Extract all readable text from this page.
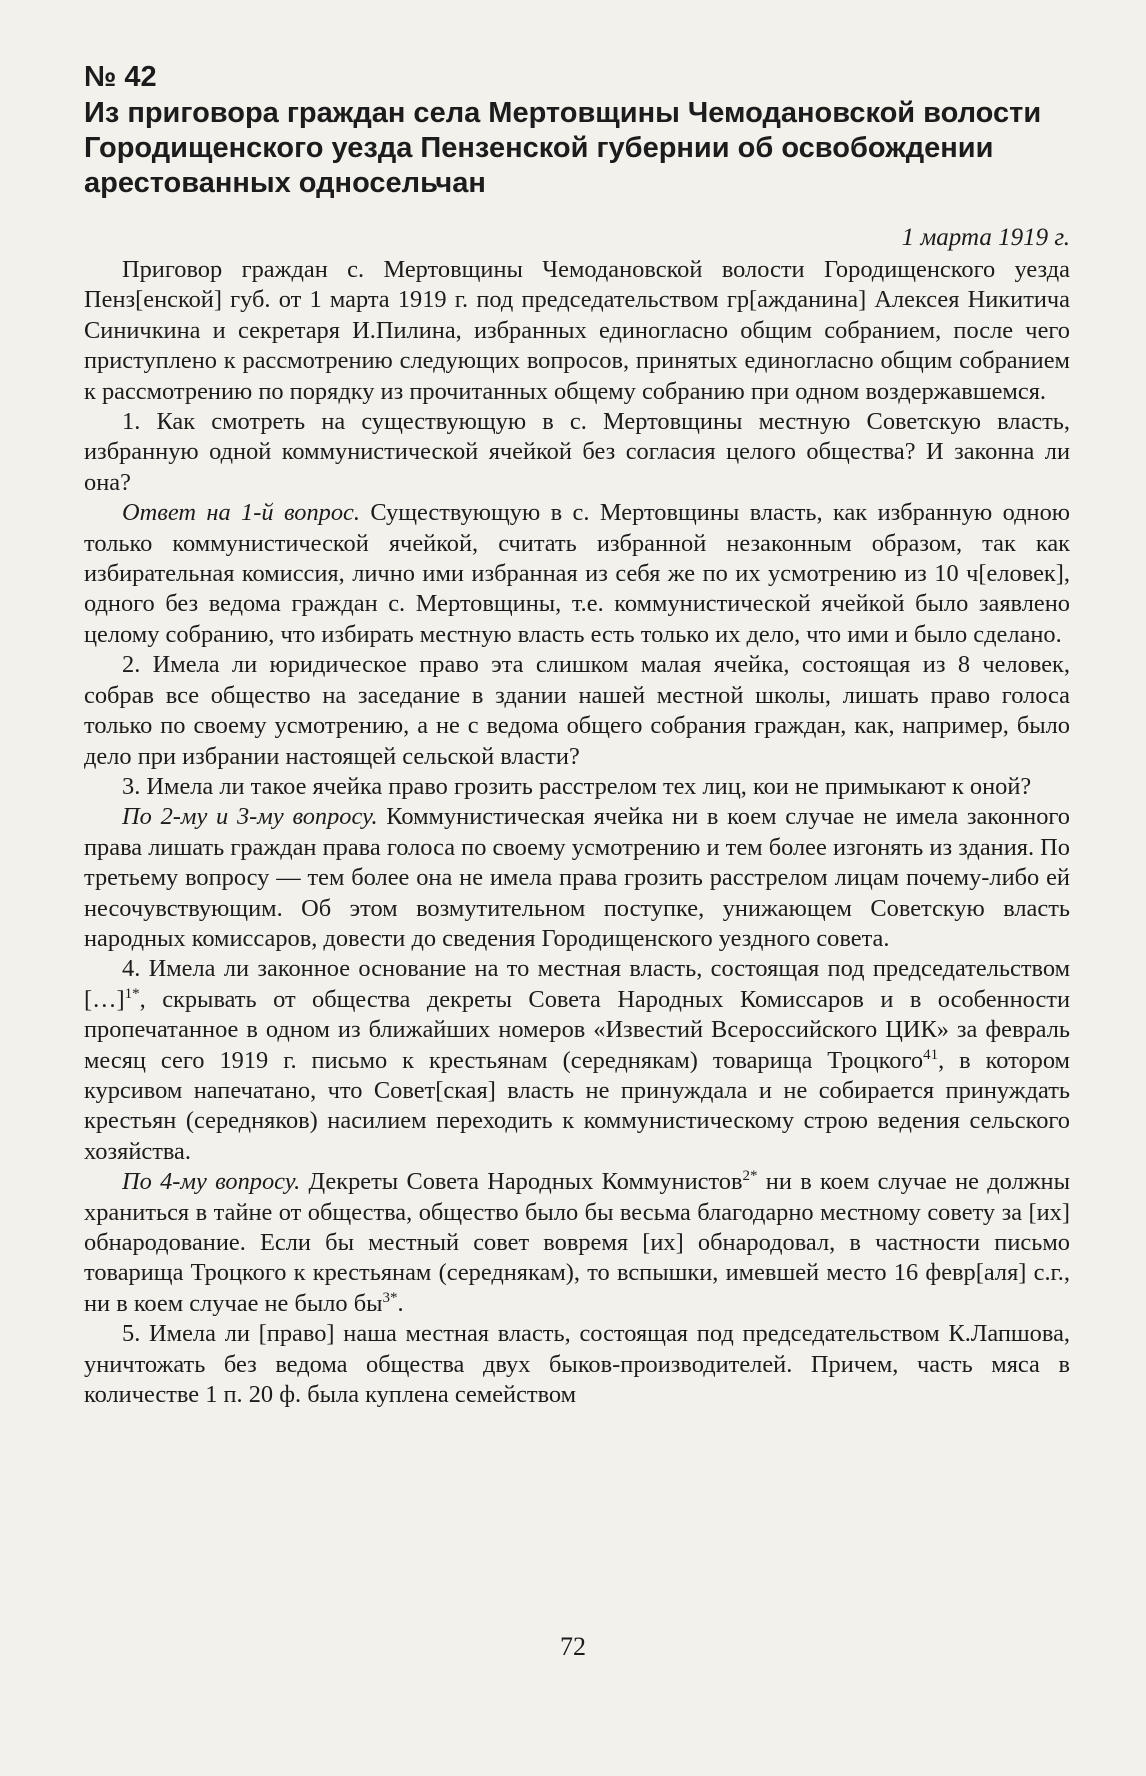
№ 42
Из приговора граждан села Мертовщины Чемодановской волости Городищенского уезда Пензенской губернии об освобождении арестованных односельчан
1 марта 1919 г.

Приговор граждан с. Мертовщины Чемодановской волости Городищенского уезда Пенз[енской] губ. от 1 марта 1919 г. под председательством гр[ажданина] Алексея Никитича Синичкина и секретаря И.Пилина, избранных единогласно общим собранием, после чего приступлено к рассмотрению следующих вопросов, принятых единогласно общим собранием к рассмотрению по порядку из прочитанных общему собранию при одном воздержавшемся.

1. Как смотреть на существующую в с. Мертовщины местную Советскую власть, избранную одной коммунистической ячейкой без согласия целого общества? И законна ли она?

Ответ на 1-й вопрос. Существующую в с. Мертовщины власть, как избранную одною только коммунистической ячейкой, считать избранной незаконным образом, так как избирательная комиссия, лично ими избранная из себя же по их усмотрению из 10 ч[еловек], одного без ведома граждан с. Мертовщины, т.е. коммунистической ячейкой было заявлено целому собранию, что избирать местную власть есть только их дело, что ими и было сделано.

2. Имела ли юридическое право эта слишком малая ячейка, состоящая из 8 человек, собрав все общество на заседание в здании нашей местной школы, лишать право голоса только по своему усмотрению, а не с ведома общего собрания граждан, как, например, было дело при избрании настоящей сельской власти?

3. Имела ли такое ячейка право грозить расстрелом тех лиц, кои не примыкают к оной?

По 2-му и 3-му вопросу. Коммунистическая ячейка ни в коем случае не имела законного права лишать граждан права голоса по своему усмотрению и тем более изгонять из здания. По третьему вопросу — тем более она не имела права грозить расстрелом лицам почему-либо ей несочувствующим. Об этом возмутительном поступке, унижающем Советскую власть народных комиссаров, довести до сведения Городищенского уездного совета.

4. Имела ли законное основание на то местная власть, состоящая под председательством […]$^{1*}$, скрывать от общества декреты Совета Народных Комиссаров и в особенности пропечатанное в одном из ближайших номеров «Известий Всероссийского ЦИК» за февраль месяц сего 1919 г. письмо к крестьянам (середнякам) товарища Троцкого$^{41}$, в котором курсивом напечатано, что Совет[ская] власть не принуждала и не собирается принуждать крестьян (середняков) насилием переходить к коммунистическому строю ведения сельского хозяйства.

По 4-му вопросу. Декреты Совета Народных Коммунистов$^{2*}$ ни в коем случае не должны храниться в тайне от общества, общество было бы весьма благодарно местному совету за [их] обнародование. Если бы местный совет вовремя [их] обнародовал, в частности письмо товарища Троцкого к крестьянам (середнякам), то вспышки, имевшей место 16 февр[аля] с.г., ни в коем случае не было $бы^{3*}$.

5. Имела ли [право] наша местная власть, состоящая под председательством К.Лапшова, уничтожать без ведома общества двух быков-производителей. Причем, часть мяса в количестве 1 п. 20 ф. была куплена семейством

72
